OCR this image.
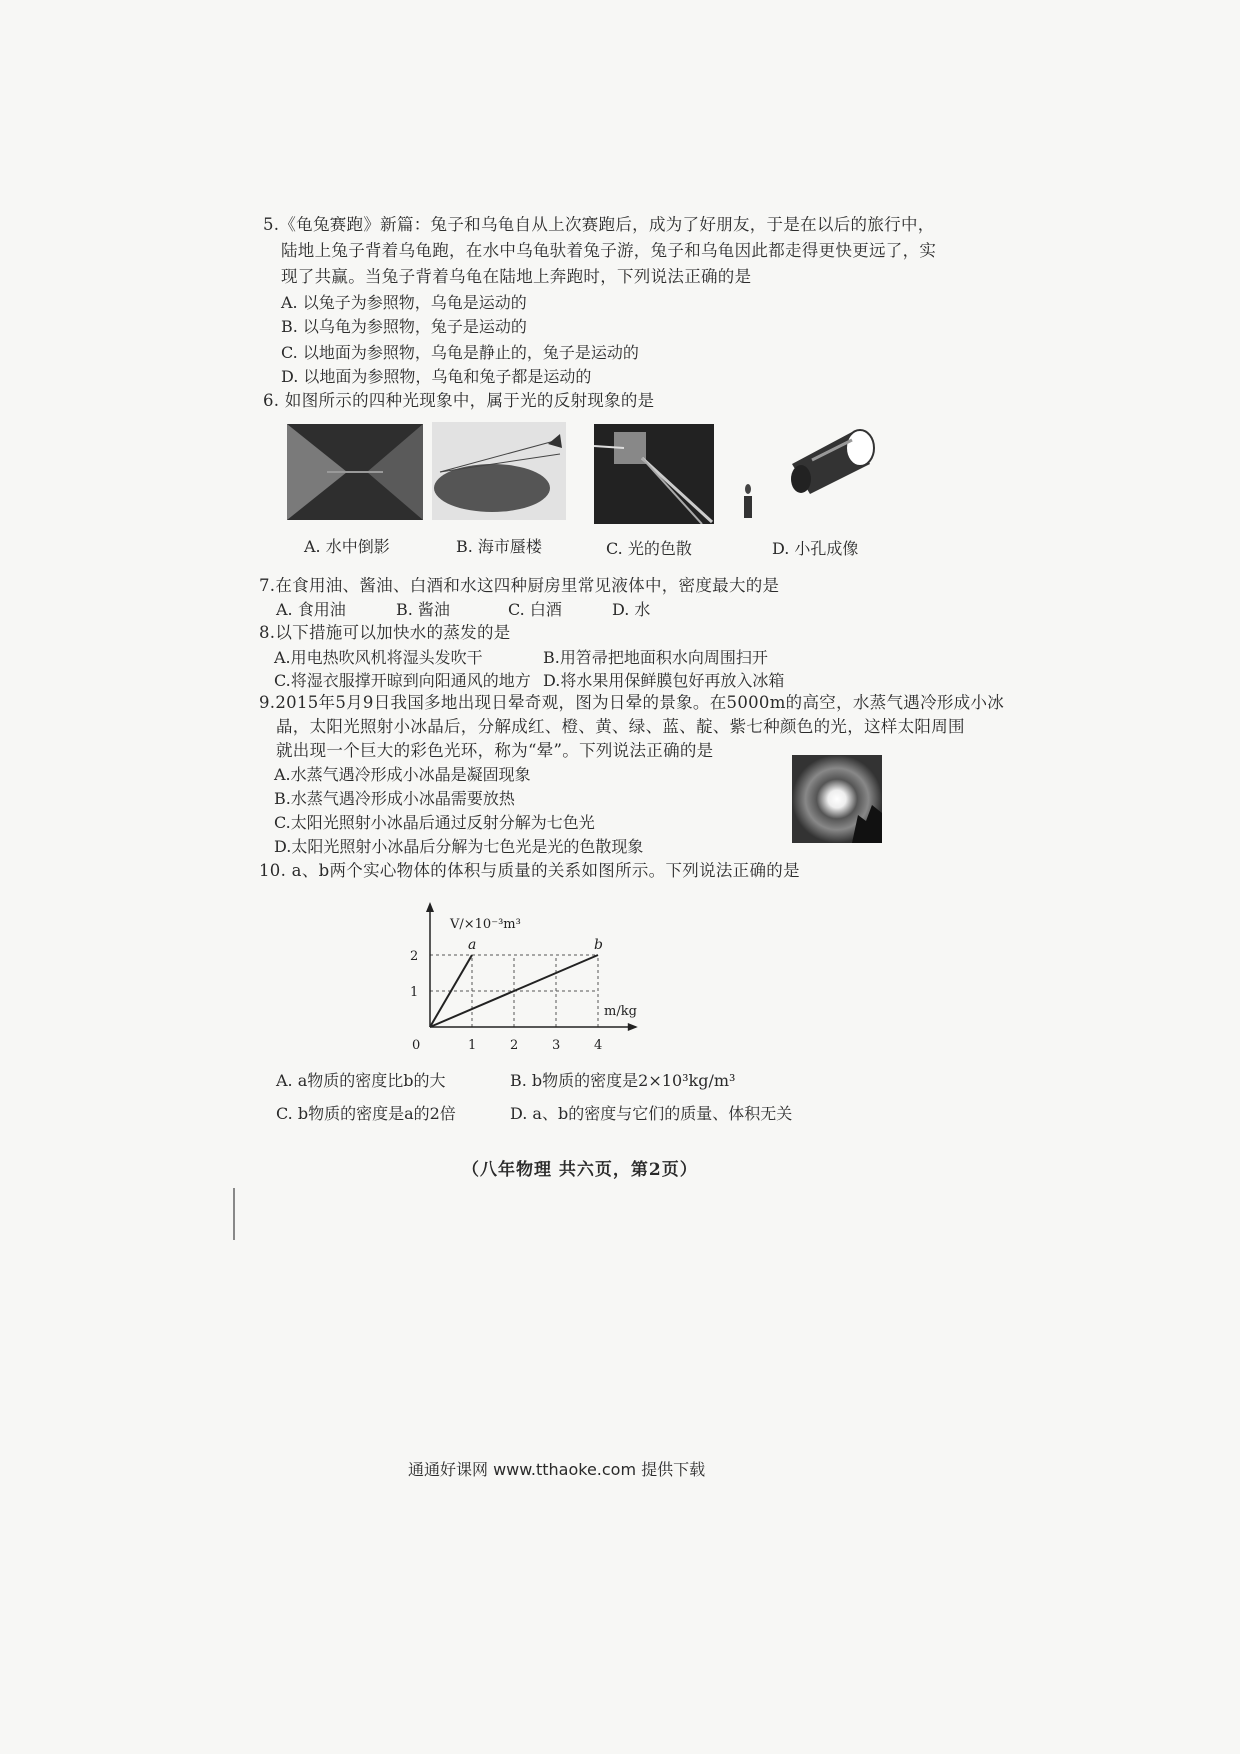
5.《龟兔赛跑》新篇：兔子和乌龟自从上次赛跑后，成为了好朋友，于是在以后的旅行中，
陆地上兔子背着乌龟跑，在水中乌龟驮着兔子游，兔子和乌龟因此都走得更快更远了，实
现了共赢。当兔子背着乌龟在陆地上奔跑时，下列说法正确的是
A. 以兔子为参照物，乌龟是运动的
B. 以乌龟为参照物，兔子是运动的
C. 以地面为参照物，乌龟是静止的，兔子是运动的
D. 以地面为参照物，乌龟和兔子都是运动的
6. 如图所示的四种光现象中，属于光的反射现象的是
A. 水中倒影	B. 海市蜃楼	C. 光的色散	D. 小孔成像
7.在食用油、酱油、白酒和水这四种厨房里常见液体中，密度最大的是
A. 食用油	B. 酱油	C. 白酒	D. 水
8.以下措施可以加快水的蒸发的是
A.用电热吹风机将湿头发吹干	B.用笤帚把地面积水向周围扫开
C.将湿衣服撑开晾到向阳通风的地方 D.将水果用保鲜膜包好再放入冰箱
9.2015年5月9日我国多地出现日晕奇观，图为日晕的景象。在5000m的高空，水蒸气遇冷形成小冰
晶，太阳光照射小冰晶后，分解成红、橙、黄、绿、蓝、靛、紫七种颜色的光，这样太阳周围
就出现一个巨大的彩色光环，称为“晕”。下列说法正确的是
A.水蒸气遇冷形成小冰晶是凝固现象
B.水蒸气遇冷形成小冰晶需要放热
C.太阳光照射小冰晶后通过反射分解为七色光
D.太阳光照射小冰晶后分解为七色光是光的色散现象
10. a、b两个实心物体的体积与质量的关系如图所示。下列说法正确的是
a	b
1	2	3	4
1
2
0
V/×10⁻³m³
m/kg
A. a物质的密度比b的大	B. b物质的密度是2×10³kg/m³
C. b物质的密度是a的2倍	D. a、b的密度与它们的质量、体积无关
（八年物理 共六页，第2页）
通通好课网 www.tthaoke.com 提供下载
